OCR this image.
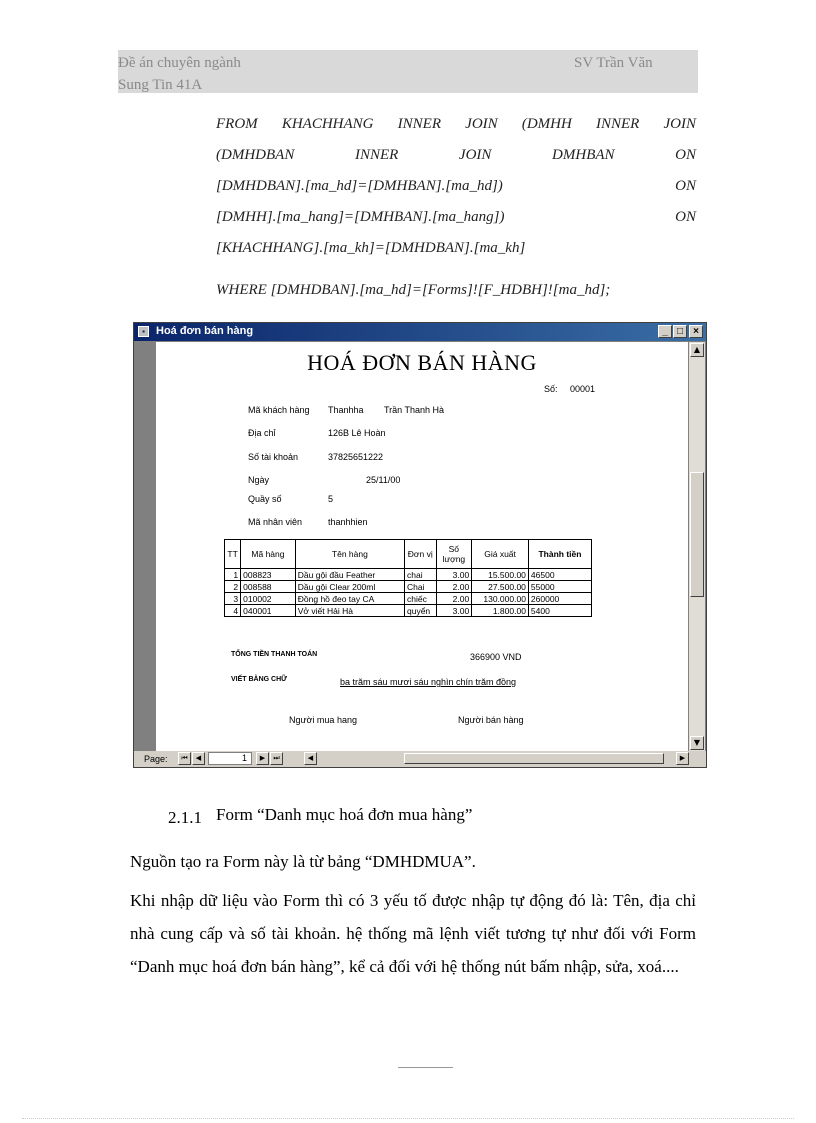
Đề án chuyên ngành	SV Trần Văn
Sung Tin 41A
FROM KHACHHANG INNER JOIN (DMHH INNER JOIN
(DMHDBAN INNER JOIN DMHBAN ON
[DMHDBAN].[ma_hd]=[DMHBAN].[ma_hd]) ON
[DMHH].[ma_hang]=[DMHBAN].[ma_hang]) ON
[KHACHHANG].[ma_kh]=[DMHDBAN].[ma_kh]
WHERE [DMHDBAN].[ma_hd]=[Forms]![F_HDBH]![ma_hd];
▪	Hoá đơn bán hàng	_ □	×
HOÁ ĐƠN BÁN HÀNG
Số: 00001
Mã khách hàng Thanhha Trần Thanh Hà
Địa chỉ	126B Lê Hoàn
Số tài khoản	37825651222
Ngày	25/11/00
Quầy số	5
Mã nhân viên	thanhhien
TT	Mã hàng	Tên hàng	Đơn vị	Số lượng	Giá xuất	Thành tiền
1	008823	Dầu gội đầu Feather	chai	3.00	15.500.00	46500
2	008588	Dầu gội Clear 200ml	Chai	2.00	27.500.00	55000
3	010002	Đồng hồ đeo tay CA	chiếc	2.00	130.000.00	260000
4	040001	Vở viết Hải Hà	quyển	3.00	1.800.00	5400
TỔNG TIỀN THANH TOÁN	366900 VND
VIẾT BẰNG CHỮ	ba trăm sáu mươi sáu nghìn chín trăm đồng
Người mua hang	Người bán hàng
▲
▼
Page:	⏮	◀	1	▶	⏭	◀	▶
2.1.1 Form “Danh mục hoá đơn mua hàng”
Nguồn tạo ra Form này là từ bảng “DMHDMUA”.
Khi nhập dữ liệu vào Form thì có 3 yếu tố được nhập tự động đó là: Tên, địa chỉ nhà cung cấp và số tài khoản. hệ thống mã lệnh viết tương tự như đối với Form “Danh mục hoá đơn bán hàng”, kể cả đối với hệ thống nút bấm nhập, sửa, xoá....
